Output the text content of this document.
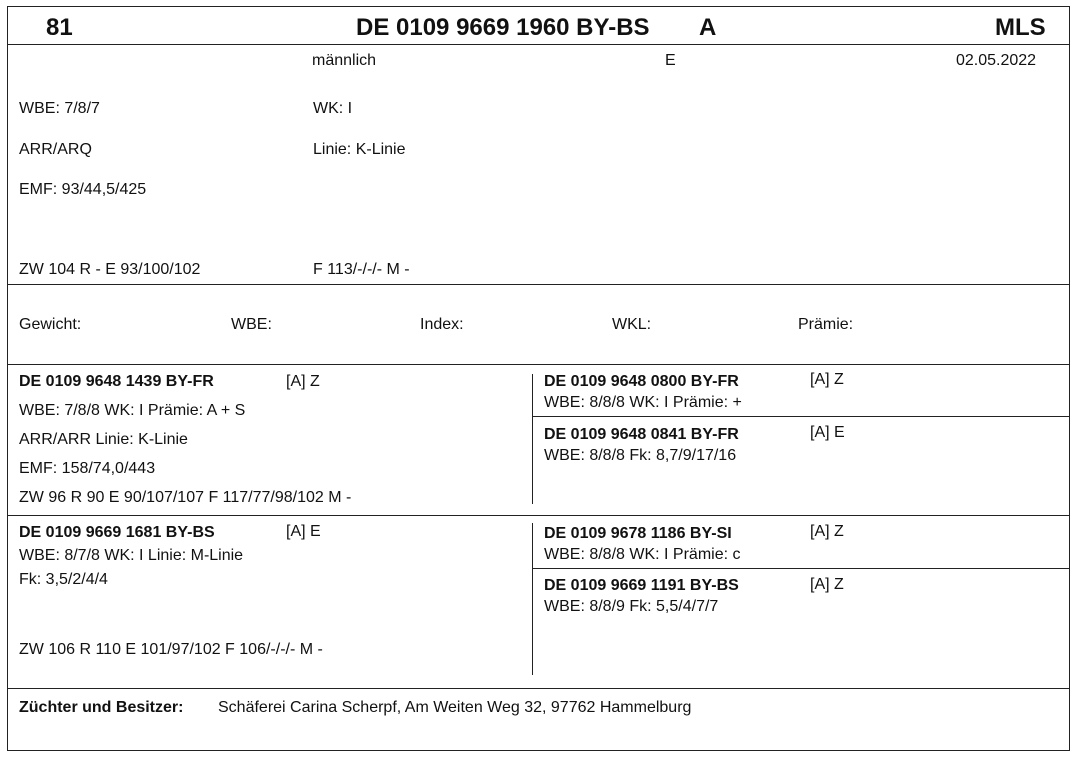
81	DE 0109 9669 1960 BY-BS A	MLS
männlich	E	02.05.2022
WBE: 7/8/7	WK: I
ARR/ARQ	Linie: K-Linie
EMF: 93/44,5/425
ZW 104 R - E 93/100/102	F 113/-/-/- M -
Gewicht:	WBE:	Index:	WKL:	Prämie:
DE 0109 9648 1439 BY-FR	[A] Z
WBE: 7/8/8 WK: I Prämie: A + S
ARR/ARR Linie: K-Linie
EMF: 158/74,0/443
ZW 96 R 90 E 90/107/107 F 117/77/98/102 M -
DE 0109 9648 0800 BY-FR	[A] Z
WBE: 8/8/8 WK: I Prämie: +
DE 0109 9648 0841 BY-FR	[A] E
WBE: 8/8/8 Fk: 8,7/9/17/16
DE 0109 9669 1681 BY-BS	[A] E
WBE: 8/7/8 WK: I Linie: M-Linie
Fk: 3,5/2/4/4
ZW 106 R 110 E 101/97/102 F 106/-/-/- M -
DE 0109 9678 1186 BY-SI	[A] Z
WBE: 8/8/8 WK: I Prämie: c
DE 0109 9669 1191 BY-BS	[A] Z
WBE: 8/8/9 Fk: 5,5/4/7/7
Züchter und Besitzer: Schäferei Carina Scherpf, Am Weiten Weg 32, 97762 Hammelburg
